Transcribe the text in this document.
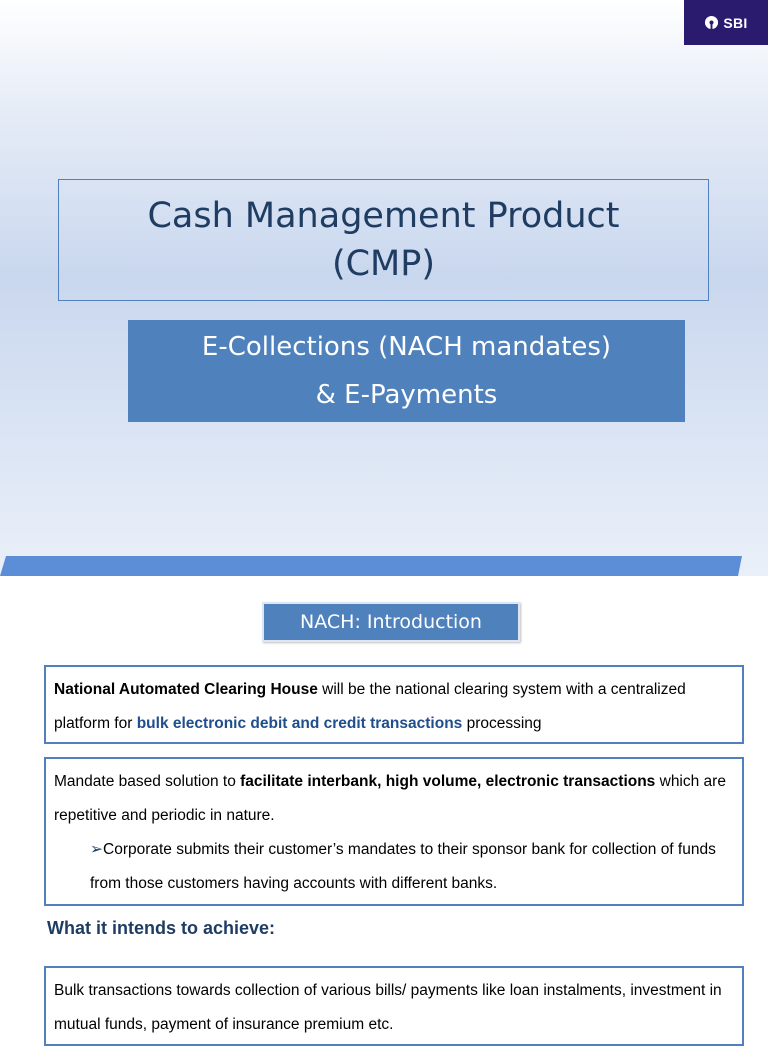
SBI
Cash Management Product (CMP)
E-Collections (NACH mandates)
& E-Payments
NACH: Introduction
National Automated Clearing House will be the national clearing system with a centralized platform for bulk electronic debit and credit transactions processing
Mandate based solution to facilitate interbank, high volume, electronic transactions which are repetitive and periodic in nature.
➢Corporate submits their customer’s mandates to their sponsor bank for collection of funds from those customers having accounts with different banks.
What it intends to achieve:
Bulk transactions towards collection of various bills/ payments like loan instalments, investment in mutual funds, payment of insurance premium etc.
